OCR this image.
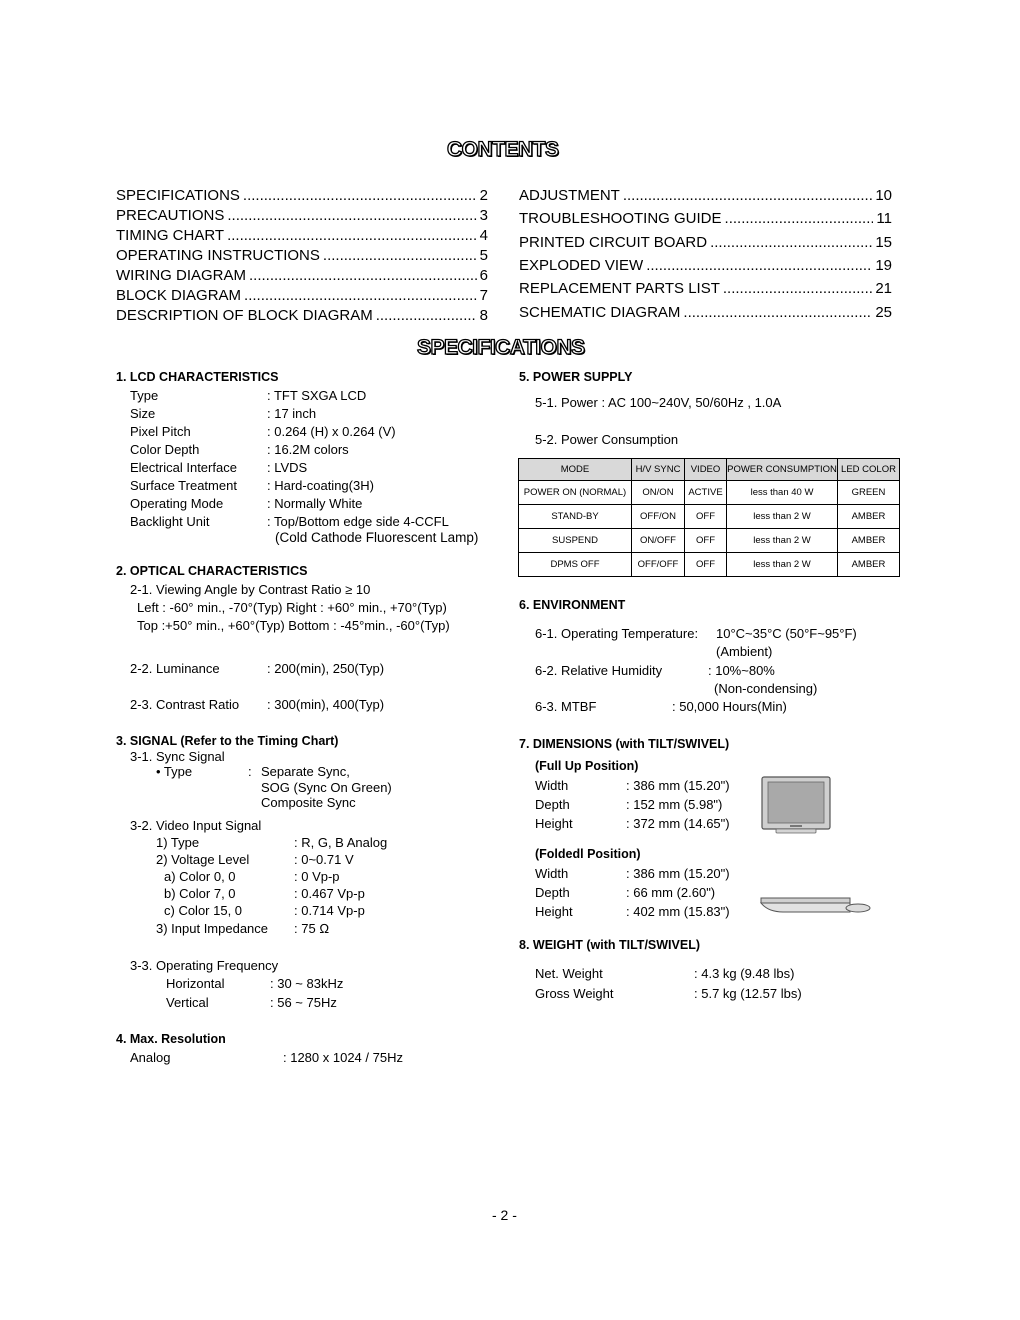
CONTENTS
SPECIFICATIONS .....	2
PRECAUTIONS .....	3
TIMING CHART .....	4
OPERATING INSTRUCTIONS .....	5
WIRING DIAGRAM .....	6
BLOCK DIAGRAM .....	7
DESCRIPTION OF BLOCK DIAGRAM .....	8
ADJUSTMENT .....	10
TROUBLESHOOTING GUIDE .....	11
PRINTED CIRCUIT BOARD .....	15
EXPLODED VIEW .....	19
REPLACEMENT PARTS LIST .....	21
SCHEMATIC DIAGRAM .....	25
SPECIFICATIONS
1. LCD CHARACTERISTICS
Type	: TFT SXGA LCD
Size	: 17 inch
Pixel Pitch	: 0.264 (H) x 0.264 (V)
Color Depth	: 16.2M colors
Electrical Interface : LVDS
Surface Treatment : Hard-coating(3H)
Operating Mode	: Normally White
Backlight Unit	: Top/Bottom edge side 4-CCFL
(Cold Cathode Fluorescent Lamp)
2. OPTICAL CHARACTERISTICS
2-1. Viewing Angle by Contrast Ratio ≥ 10
Left : -60° min., -70°(Typ) Right : +60° min., +70°(Typ)
Top :+50° min., +60°(Typ) Bottom : -45°min., -60°(Typ)
2-2. Luminance	: 200(min), 250(Typ)
2-3. Contrast Ratio : 300(min), 400(Typ)
3. SIGNAL (Refer to the Timing Chart)
3-1. Sync Signal
• Type	: Separate Sync,
SOG (Sync On Green)
Composite Sync
3-2. Video Input Signal
1) Type	: R, G, B Analog
2) Voltage Level	: 0~0.71 V
a) Color 0, 0	: 0 Vp-p
b) Color 7, 0	: 0.467 Vp-p
c) Color 15, 0	: 0.714 Vp-p
3) Input Impedance : 75 Ω
3-3. Operating Frequency
Horizontal	: 30 ~ 83kHz
Vertical	: 56 ~ 75Hz
4. Max. Resolution
Analog	: 1280 x 1024 / 75Hz
5. POWER SUPPLY
5-1. Power : AC 100~240V, 50/60Hz , 1.0A
5-2. Power Consumption
MODE	H/V SYNC	VIDEO	POWER CONSUMPTION	LED COLOR
POWER ON (NORMAL)	ON/ON	ACTIVE	less than 40 W	GREEN
STAND-BY	OFF/ON	OFF	less than 2 W	AMBER
SUSPEND	ON/OFF	OFF	less than 2 W	AMBER
DPMS OFF	OFF/OFF	OFF	less than 2 W	AMBER
6. ENVIRONMENT
6-1. Operating Temperature: 10°C~35°C (50°F~95°F)
(Ambient)
6-2. Relative Humidity	: 10%~80%
(Non-condensing)
6-3. MTBF	: 50,000 Hours(Min)
7. DIMENSIONS (with TILT/SWIVEL)
(Full Up Position)
Width	: 386 mm (15.20")
Depth	: 152 mm (5.98")
Height	: 372 mm (14.65")
(Foldedl Position)
Width	: 386 mm (15.20")
Depth	: 66 mm (2.60")
Height	: 402 mm (15.83")
8. WEIGHT (with TILT/SWIVEL)
Net. Weight	: 4.3 kg (9.48 lbs)
Gross Weight	: 5.7 kg (12.57 lbs)
- 2 -
